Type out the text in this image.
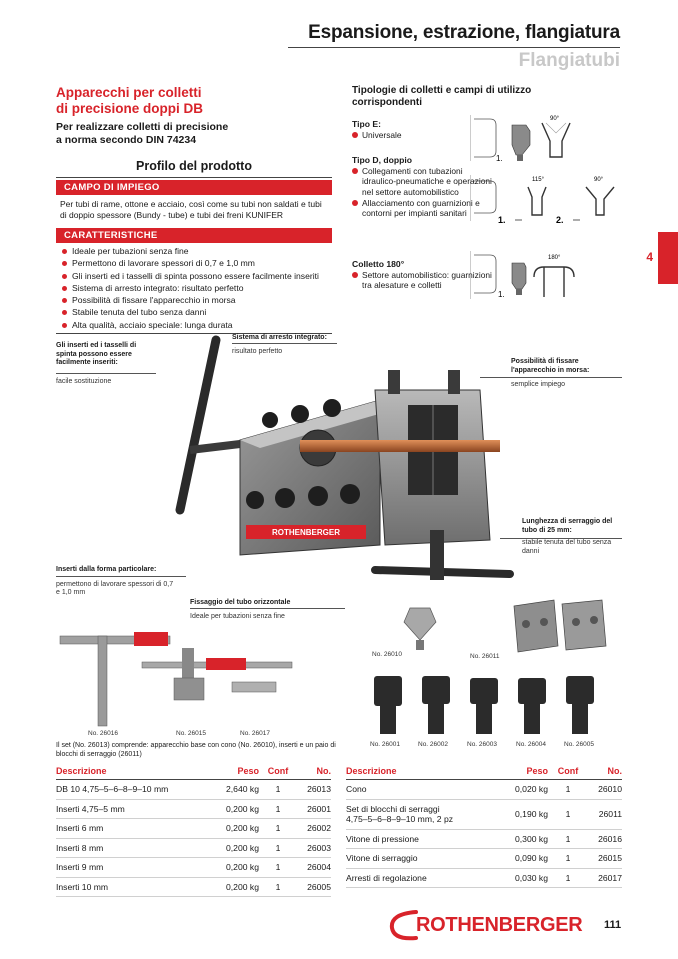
Espansione, estrazione, flangiatura
Flangiatubi
4
Apparecchi per colletti
di precisione doppi DB
Per realizzare colletti di precisione
a norma secondo DIN 74234
Profilo del prodotto
CAMPO DI IMPIEGO
Per tubi di rame, ottone e acciaio, così come su tubi non saldati e tubi di doppio spessore (Bundy - tube) e tubi dei freni KUNIFER
CARATTERISTICHE
Ideale per tubazioni senza fine
Permettono di lavorare spessori di 0,7 e 1,0 mm
Gli inserti ed i tasselli di spinta possono essere facilmente inseriti
Sistema di arresto integrato: risultato perfetto
Possibilità di fissare l'apparecchio in morsa
Stabile tenuta del tubo senza danni
Alta qualità, acciaio speciale: lunga durata
Tipologie di colletti e campi di utilizzo
corrispondenti
Tipo E:
Universale
1.
90°
Tipo D, doppio
Collegamenti con tubazioni idraulico-pneumatiche e operazioni nel settore automobilistico
Allacciamento con guarnizioni e contorni per impianti sanitari
1.
115°
2.
90°
Colletto 180°
Settore automobilistico: guarnizioni tra alesature e colletti
1.
180°
ROTHENBERGER
Gli inserti ed i tasselli di spinta possono essere facilmente inseriti:
facile sostituzione
Sistema di arresto integrato:
risultato perfetto
Possibilità di fissare l'apparecchio in morsa:
semplice impiego
Lunghezza di serraggio del tubo di 25 mm:
stabile tenuta del tubo senza danni
Inserti dalla forma particolare:
permettono di lavorare spessori di 0,7 e 1,0 mm
Fissaggio del tubo orizzontale
Ideale per tubazioni senza fine
No. 26010	No. 26011
No. 26016	No. 26015	No. 26017
No. 26001	No. 26002	No. 26003	No. 26004	No. 26005
Il set (No. 26013) comprende: apparecchio base con cono (No. 26010), inserti e un paio di blocchi di serraggio (26011)
Descrizione	Peso	Conf	No.
DB 10 4,75–5–6–8–9–10 mm	2,640 kg	1	26013
Inserti 4,75–5 mm	0,200 kg	1	26001
Inserti 6 mm	0,200 kg	1	26002
Inserti 8 mm	0,200 kg	1	26003
Inserti 9 mm	0,200 kg	1	26004
Inserti 10 mm	0,200 kg	1	26005
Descrizione	Peso	Conf	No.
Cono	0,020 kg	1	26010

Set di blocchi di serraggi
4,75–5–6–8–9–10 mm, 2 pz	0,190 kg	1	26011
Vitone di pressione	0,300 kg	1	26016
Vitone di serraggio	0,090 kg	1	26015
Arresti di regolazione	0,030 kg	1	26017
ROTHENBERGER 111
